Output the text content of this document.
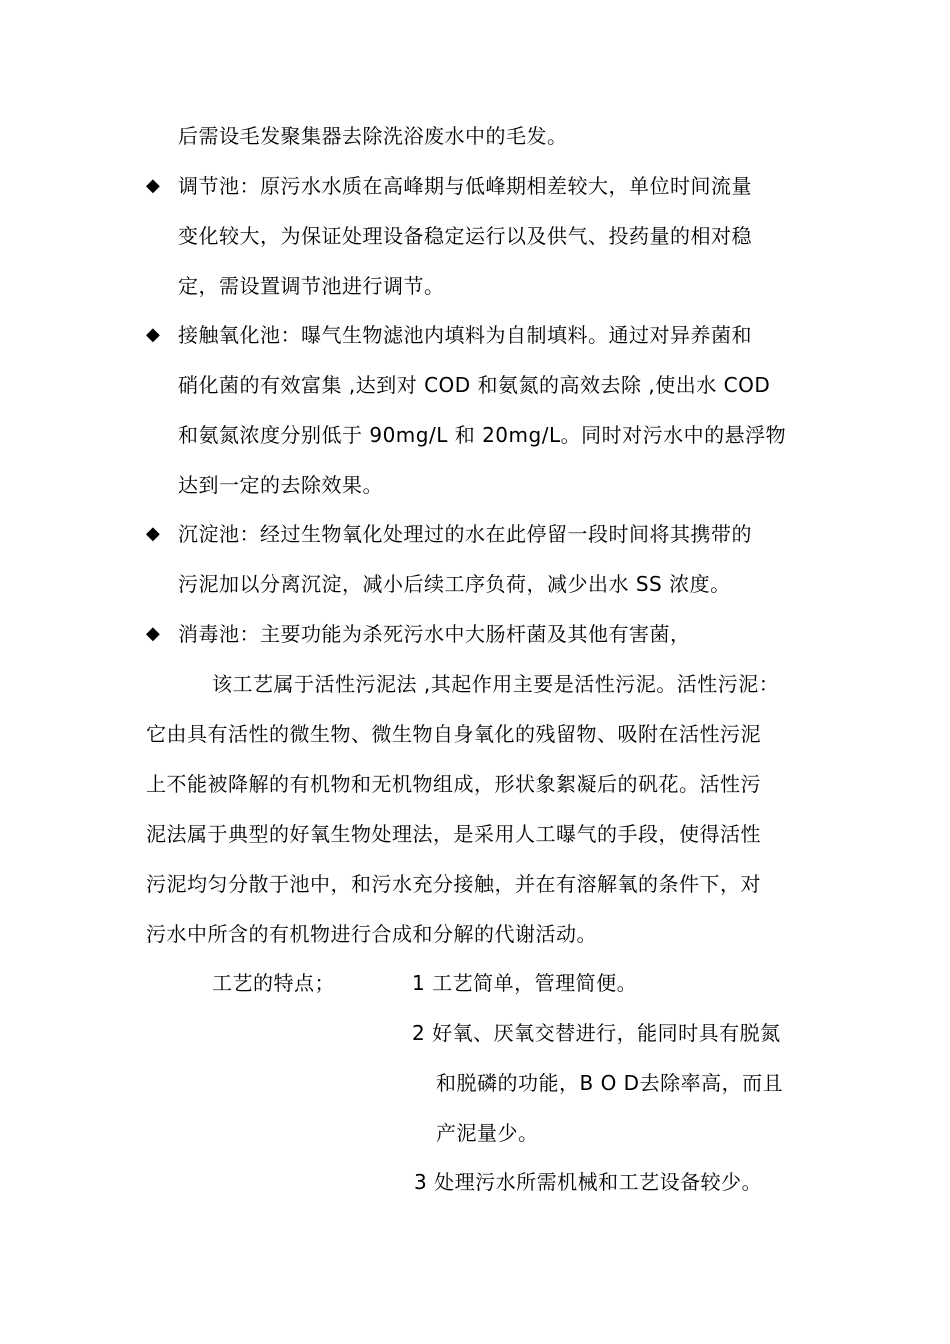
后需设毛发聚集器去除洗浴废水中的毛发。
◆ 调节池：原污水水质在高峰期与低峰期相差较大，单位时间流量
变化较大，为保证处理设备稳定运行以及供气、投药量的相对稳
定，需设置调节池进行调节。
◆ 接触氧化池：曝气生物滤池内填料为自制填料。通过对异养菌和
硝化菌的有效富集 ,达到对 COD 和氨氮的高效去除 ,使出水 COD
和氨氮浓度分别低于 90mg/L 和 20mg/L。同时对污水中的悬浮物
达到一定的去除效果。
◆ 沉淀池：经过生物氧化处理过的水在此停留一段时间将其携带的
污泥加以分离沉淀，减小后续工序负荷，减少出水 SS 浓度。
◆ 消毒池：主要功能为杀死污水中大肠杆菌及其他有害菌，
该工艺属于活性污泥法 ,其起作用主要是活性污泥。活性污泥：
它由具有活性的微生物、微生物自身氧化的残留物、吸附在活性污泥
上不能被降解的有机物和无机物组成，形状象絮凝后的矾花。活性污
泥法属于典型的好氧生物处理法，是采用人工曝气的手段，使得活性
污泥均匀分散于池中，和污水充分接触，并在有溶解氧的条件下，对
污水中所含的有机物进行合成和分解的代谢活动。
工艺的特点；	1 工艺简单，管理简便。
2 好氧、厌氧交替进行，能同时具有脱氮
和脱磷的功能，B O D去除率高，而且
产泥量少。
3 处理污水所需机械和工艺设备较少。
